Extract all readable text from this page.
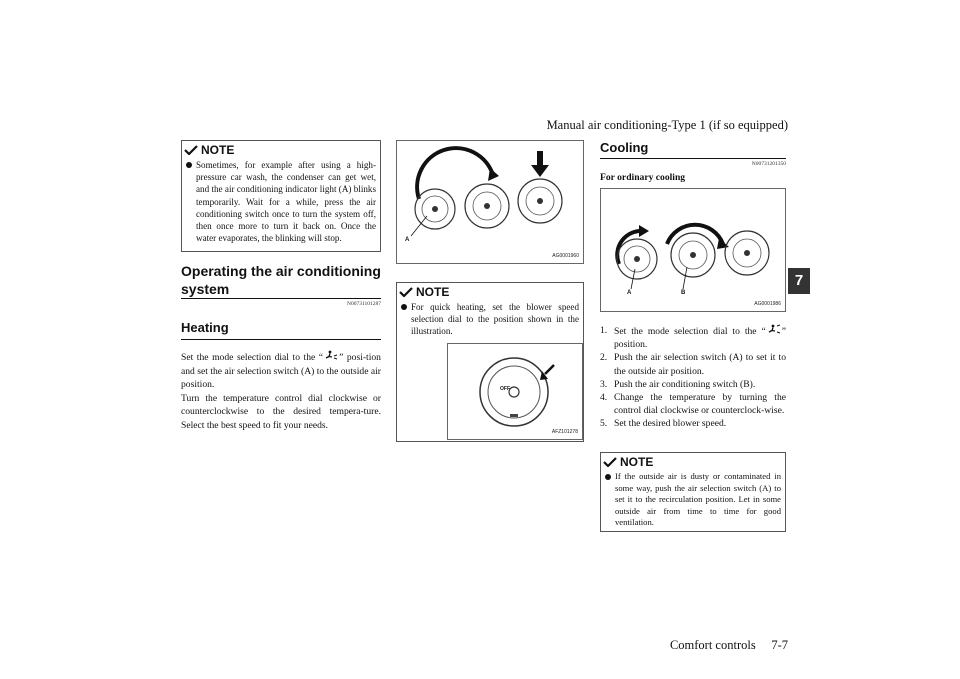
Manual air conditioning-Type 1 (if so equipped)
Comfort controls 7-7
7
NOTE
Sometimes, for example after using a high-pressure car wash, the condenser can get wet, and the air conditioning indicator light (A) blinks temporarily. Wait for a while, press the air conditioning switch once to turn the system off, then once more to turn it back on. Once the water evaporates, the blinking will stop.
Operating the air conditioning system
N00731101287
Heating
Set the mode selection dial to the “ ” posi-tion and set the air selection switch (A) to the outside air position.
Turn the temperature control dial clockwise or counterclockwise to the desired tempera-ture. Select the best speed to fit your needs.
A
AG0001960
NOTE
For quick heating, set the blower speed selection dial to the position shown in the illustration.
OFF
AFZ101278
Cooling
N00731201350
For ordinary cooling
A	B
AG0001986
1. Set the mode selection dial to the “ ” position.
2. Push the air selection switch (A) to set it to the outside air position.
3. Push the air conditioning switch (B).
4. Change the temperature by turning the control dial clockwise or counterclock-wise.
5. Set the desired blower speed.
NOTE
If the outside air is dusty or contaminated in some way, push the air selection switch (A) to set it to the recirculation position. Let in some outside air from time to time for good ventilation.
